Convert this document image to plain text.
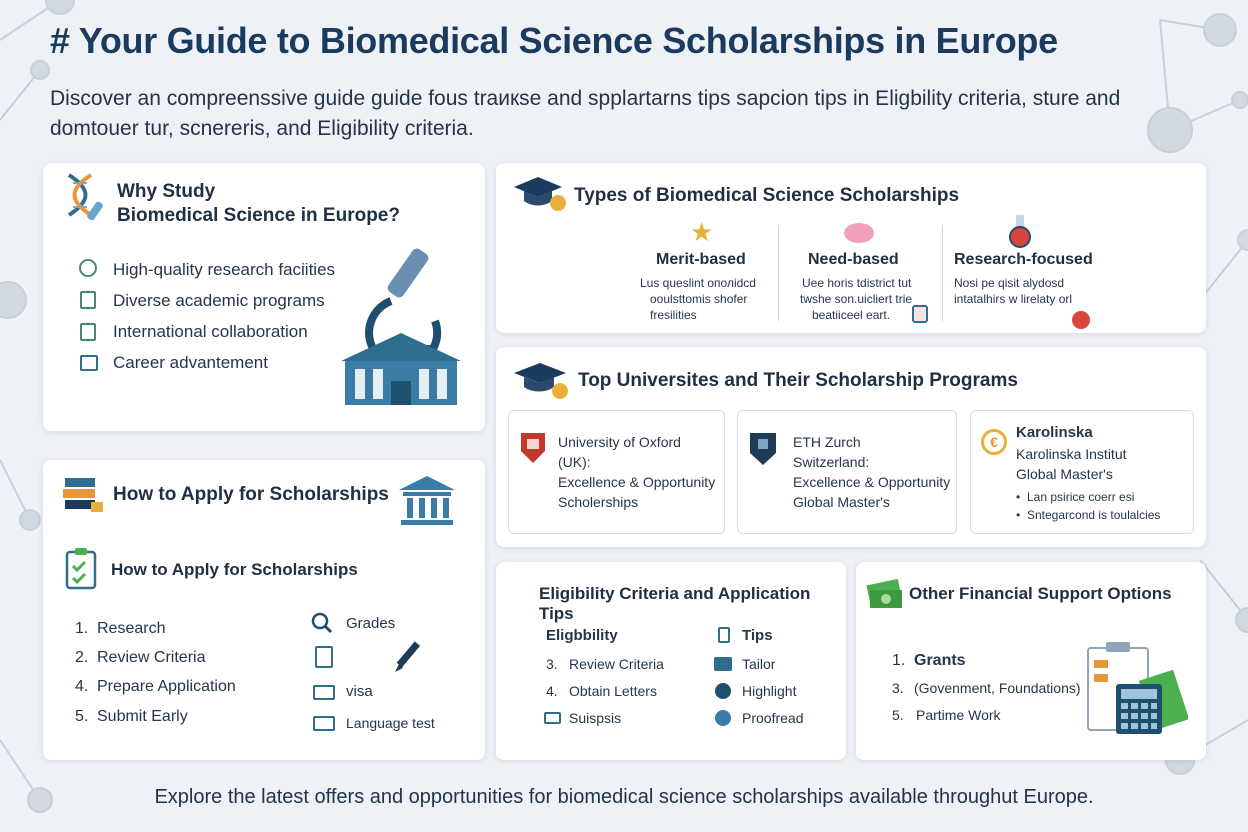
# Your Guide to Biomedical Science Scholarships in Europe
Discover an compreenssive guide guide fous traикse and spplartarns tips sapcion tips in Eligbility criteria, sture and domtouer tur, scnereris, and Eligibility criteria.
Why Study
Biomedical Science in Europe?
High-quality research faciities
Diverse academic programs
International collaboration
Career advantement
Types of Biomedical Science Scholarships
★
Merit-based
Lus queslint ополіdcd
ooulsttomis shofer
fresilities
Need-based
Uee horis tdistrict tut
twshe son.uicliert trie
beatiiceel eart.
Research-focused
Nosi pe qisit alydosd
intatalhirs w lirelaty orl
Top Universites and Their Scholarship Programs
University of Oxford
(UK):
Excellence & Opportunity
Scholerships
ETH Zurch
Switzerland:
Excellence & Opportunity
Global Master's
€
Karolinska
Karolinska Institut
Global Master's
• Lan psirice coerr esi
• Sntegarcond is toulalcies
How to Apply for Scholarships
How to Apply for Scholarships
1. Research
2. Review Criteria
4. Prepare Application
5. Submit Early
Grades
visa
Language test
Eligibility Criteria and Application Tips
Eligbbility
3. Review Criteria
4. Obtain Letters
Suispsis
Tips
Tailor
Highlight
Proofread
Other Financial Support Options
1. Grants
3. (Govenment, Foundations)
5. Partime Work
Explore the latest offers and opportunities for biomedical science scholarships available throughut Europe.
